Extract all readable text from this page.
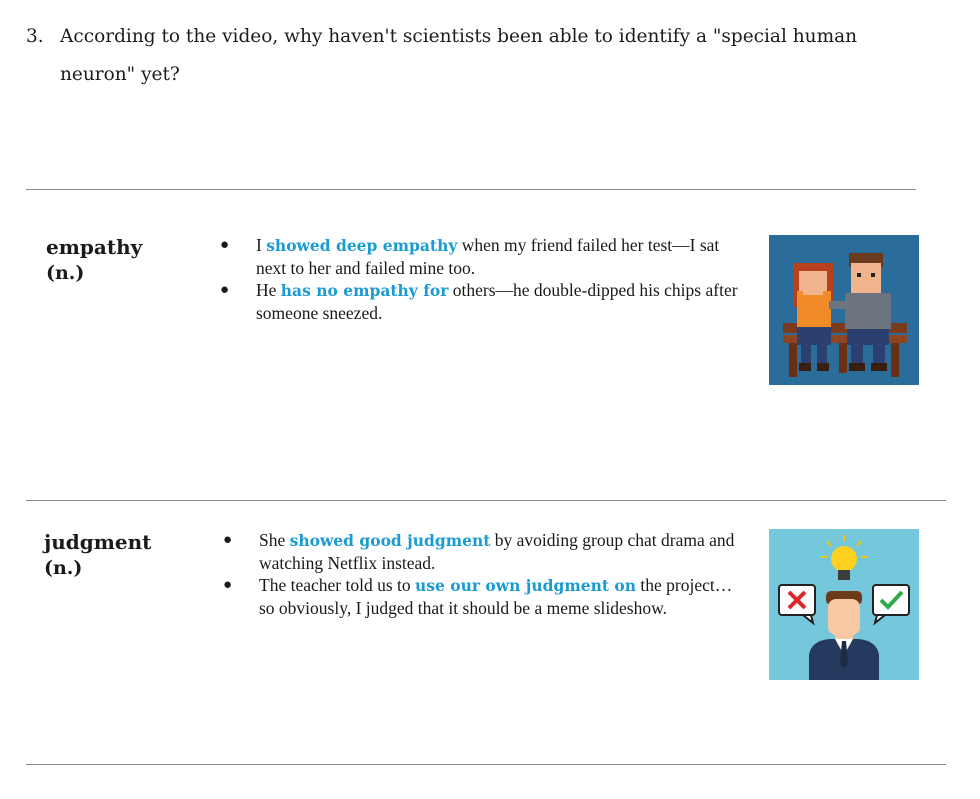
3. According to the video, why haven't scientists been able to identify a "special human
neuron" yet?
empathy
(n.)
● I showed deep empathy when my friend failed her test—I sat next to her and failed mine too.
● He has no empathy for others—he double-dipped his chips after someone sneezed.
judgment
(n.)
● She showed good judgment by avoiding group chat drama and watching Netflix instead.
● The teacher told us to use our own judgment on the project… so obviously, I judged that it should be a meme slideshow.
